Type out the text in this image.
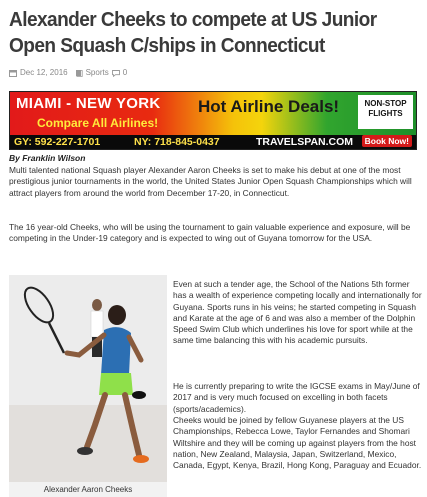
Alexander Cheeks to compete at US Junior Open Squash C/ships in Connecticut
Dec 12, 2016 Sports 0
MIAMI - NEW YORK
Compare All Airlines!
Hot Airline Deals!	NON-STOP FLIGHTS
GY: 592-227-1701	NY: 718-845-0437	TRAVELSPAN.COM	Book Now!
By Franklin Wilson
Multi talented national Squash player Alexander Aaron Cheeks is set to make his debut at one of the most prestigious junior tournaments in the world, the United States Junior Open Squash Championships which will attract players from around the world from December 17-20, in Connecticut.
The 16 year-old Cheeks, who will be using the tournament to gain valuable experience and exposure, will be competing in the Under-19 category and is expected to wing out of Guyana tomorrow for the USA.
Alexander Aaron Cheeks
Even at such a tender age, the School of the Nations 5th former has a wealth of experience competing locally and internationally for Guyana. Sports runs in his veins; he started competing in Squash and Karate at the age of 6 and was also a member of the Dolphin Speed Swim Club which underlines his love for sport while at the same time balancing this with his academic pursuits.
He is currently preparing to write the IGCSE exams in May/June of 2017 and is very much focused on excelling in both facets (sports/academics).
Cheeks would be joined by fellow Guyanese players at the US Championships, Rebecca Lowe, Taylor Fernandes and Shomari Wiltshire and they will be coming up against players from the host nation, New Zealand, Malaysia, Japan, Switzerland, Mexico, Canada, Egypt, Kenya, Brazil, Hong Kong, Paraguay and Ecuador.
